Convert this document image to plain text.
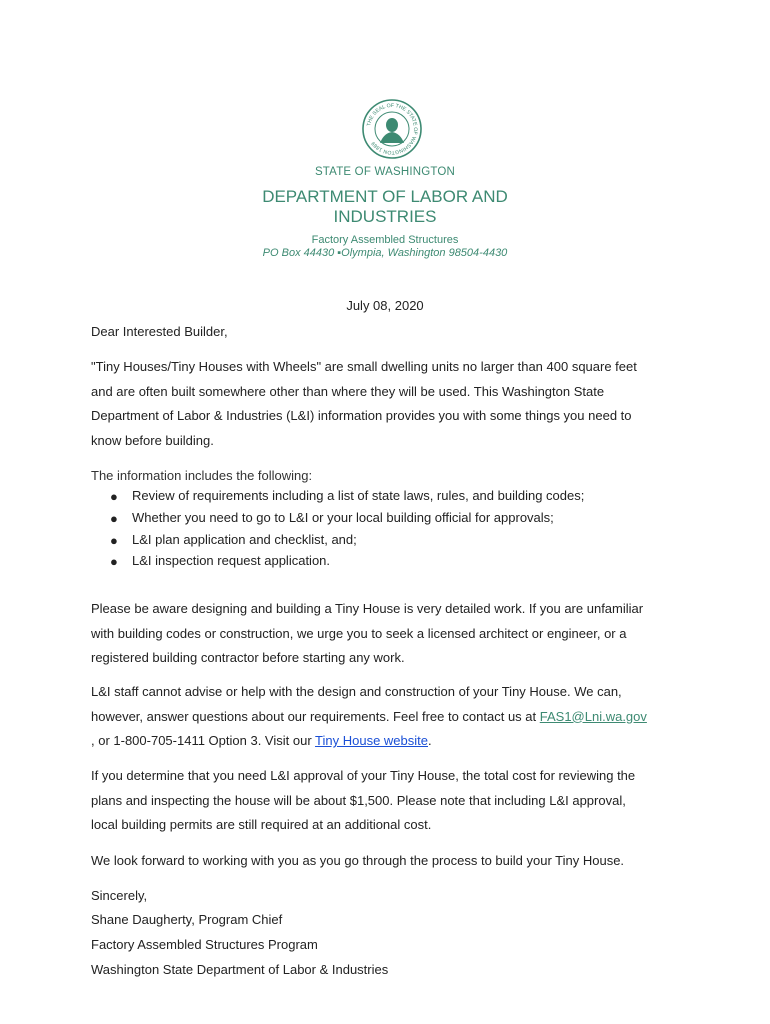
THE SEAL OF THE STATE OF WASHINGTON 1889
STATE OF WASHINGTON
DEPARTMENT OF LABOR AND INDUSTRIES
Factory Assembled Structures
PO Box 44430 ▪Olympia, Washington 98504-4430
July 08, 2020
Dear Interested Builder,
"Tiny Houses/Tiny Houses with Wheels" are small dwelling units no larger than 400 square feet and are often built somewhere other than where they will be used. This Washington State Department of Labor & Industries (L&I) information provides you with some things you need to know before building.
The information includes the following:
● Review of requirements including a list of state laws, rules, and building codes;
● Whether you need to go to L&I or your local building official for approvals;
● L&I plan application and checklist, and;
● L&I inspection request application.
Please be aware designing and building a Tiny House is very detailed work. If you are unfamiliar with building codes or construction, we urge you to seek a licensed architect or engineer, or a registered building contractor before starting any work.
L&I staff cannot advise or help with the design and construction of your Tiny House. We can, however, answer questions about our requirements. Feel free to contact us at FAS1@Lni.wa.gov , or 1-800-705-1411 Option 3. Visit our Tiny House website.
If you determine that you need L&I approval of your Tiny House, the total cost for reviewing the plans and inspecting the house will be about $1,500. Please note that including L&I approval, local building permits are still required at an additional cost.
We look forward to working with you as you go through the process to build your Tiny House.
Sincerely,
Shane Daugherty, Program Chief
Factory Assembled Structures Program
Washington State Department of Labor & Industries
